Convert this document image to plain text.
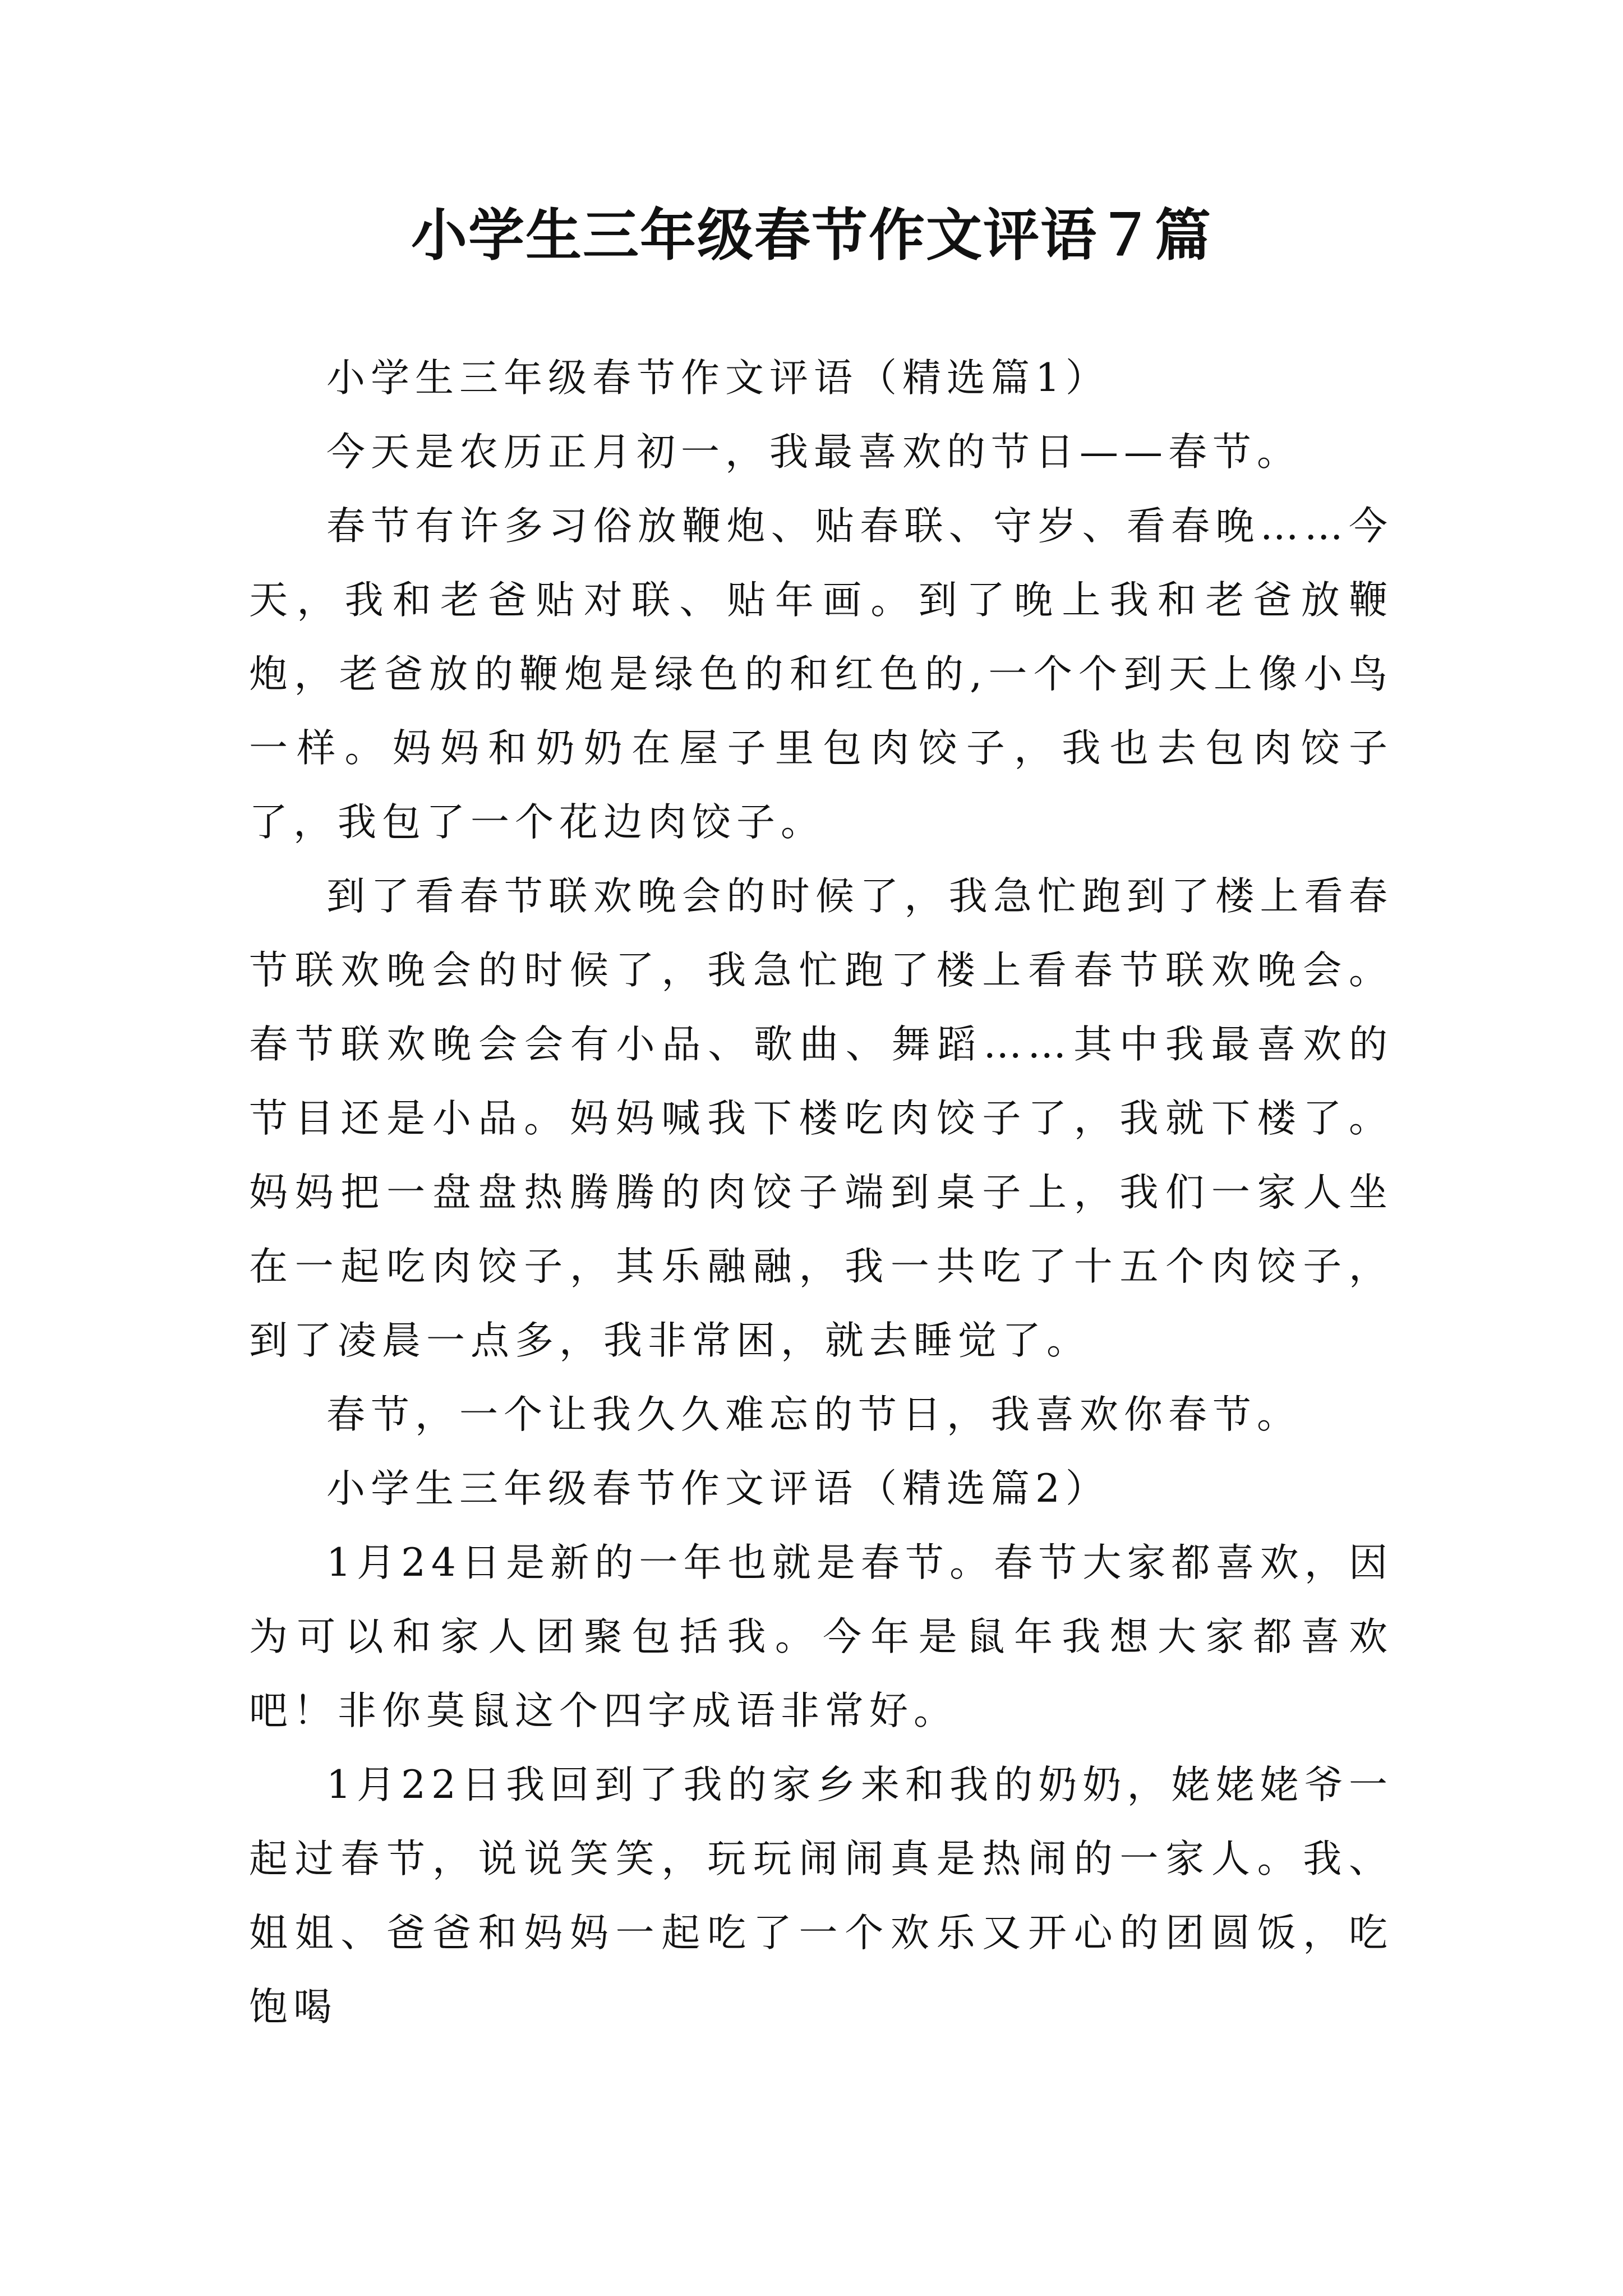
小学生三年级春节作文评语７篇

小学生三年级春节作文评语（精选篇1）

今天是农历正月初一，我最喜欢的节日——春节。

春节有许多习俗放鞭炮、贴春联、守岁、看春晚……今天，我和老爸贴对联、贴年画。到了晚上我和老爸放鞭炮，老爸放的鞭炮是绿色的和红色的,一个个到天上像小鸟一样。妈妈和奶奶在屋子里包肉饺子，我也去包肉饺子了，我包了一个花边肉饺子。

到了看春节联欢晚会的时候了，我急忙跑到了楼上看春节联欢晚会的时候了，我急忙跑了楼上看春节联欢晚会。春节联欢晚会会有小品、歌曲、舞蹈……其中我最喜欢的节目还是小品。妈妈喊我下楼吃肉饺子了，我就下楼了。妈妈把一盘盘热腾腾的肉饺子端到桌子上，我们一家人坐在一起吃肉饺子，其乐融融，我一共吃了十五个肉饺子，到了凌晨一点多，我非常困，就去睡觉了。

春节，一个让我久久难忘的节日，我喜欢你春节。

小学生三年级春节作文评语（精选篇2）

1月24日是新的一年也就是春节。春节大家都喜欢，因为可以和家人团聚包括我。今年是鼠年我想大家都喜欢吧！非你莫鼠这个四字成语非常好。

1月22日我回到了我的家乡来和我的奶奶，姥姥姥爷一起过春节，说说笑笑，玩玩闹闹真是热闹的一家人。我、姐姐、爸爸和妈妈一起吃了一个欢乐又开心的团圆饭，吃饱喝
